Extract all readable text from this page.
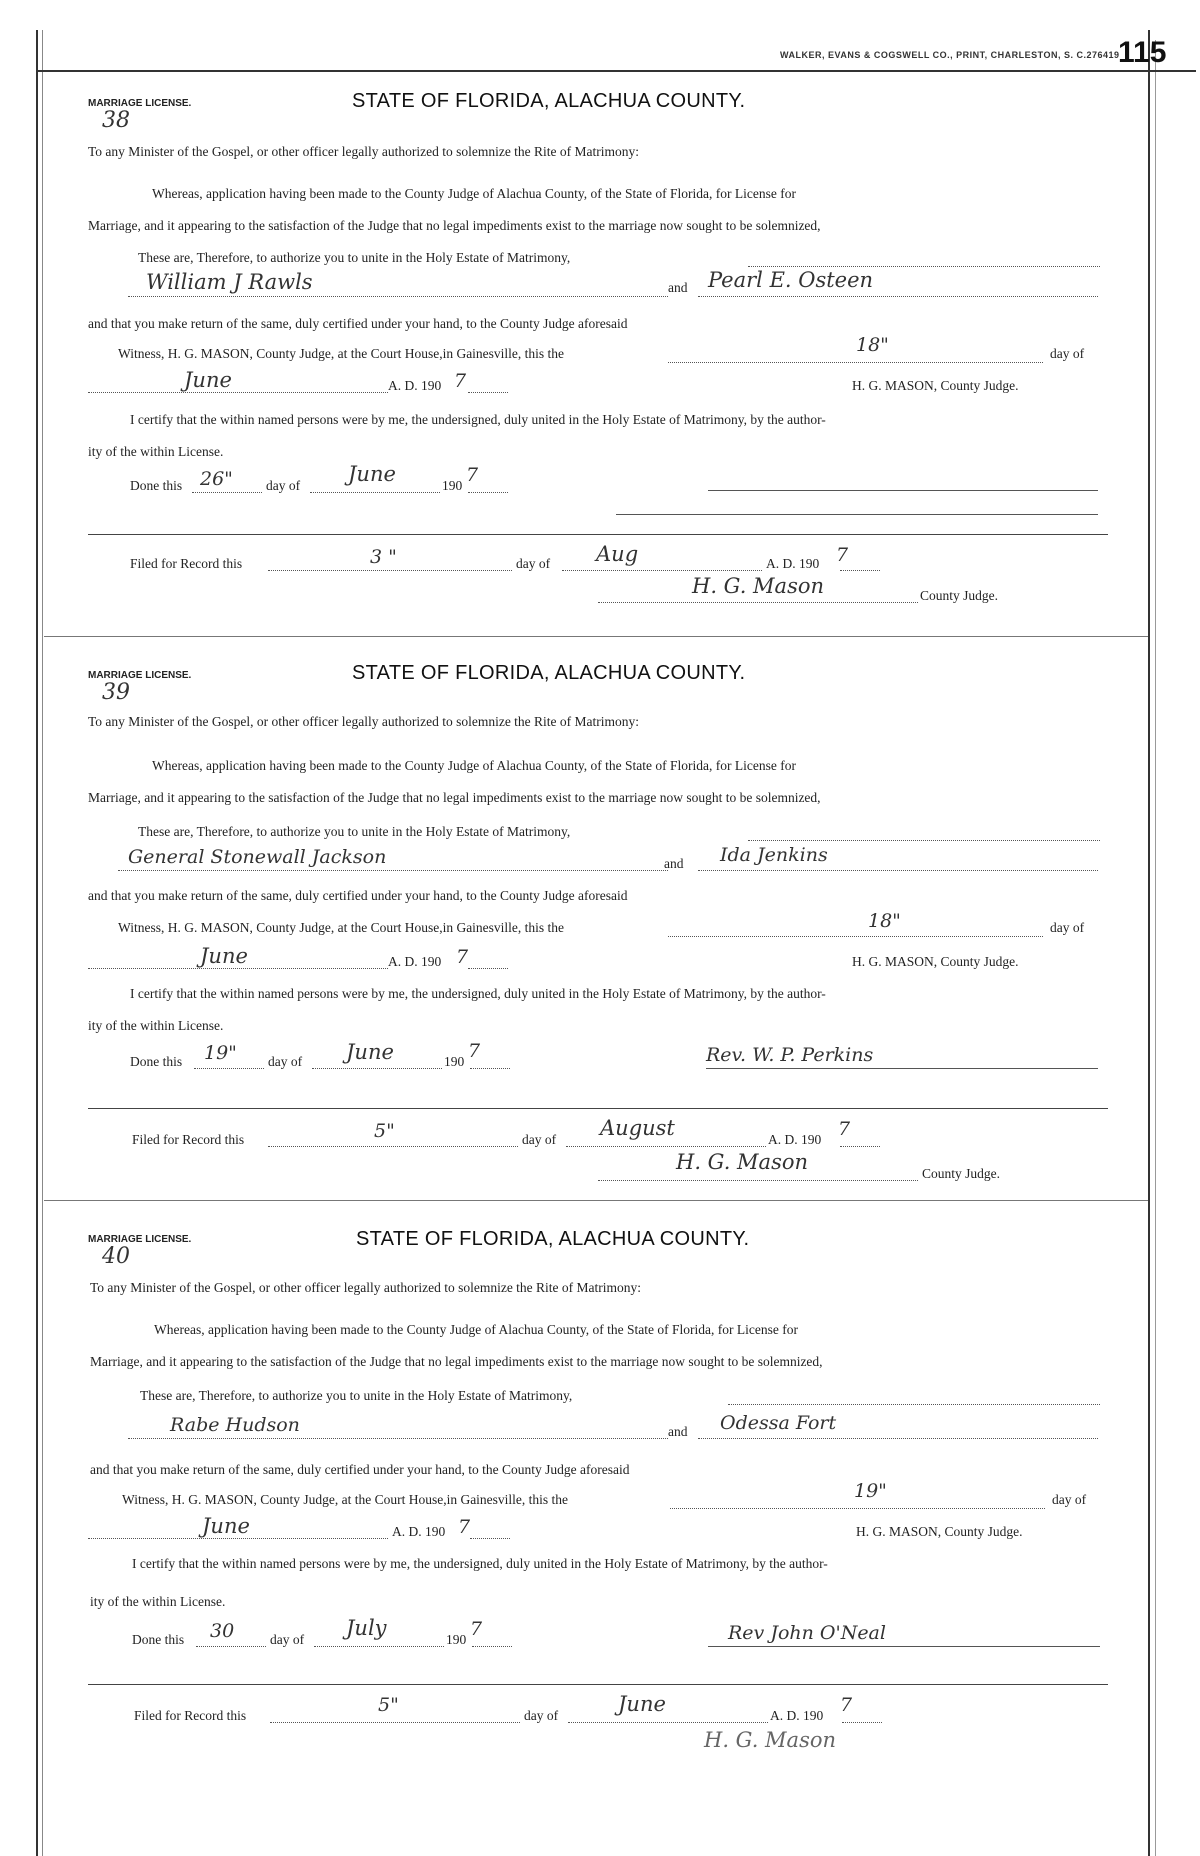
WALKER, EVANS & COGSWELL CO., PRINT, CHARLESTON, S. C.276419
115
MARRIAGE LICENSE.
38
STATE OF FLORIDA, ALACHUA COUNTY.
To any Minister of the Gospel, or other officer legally authorized to solemnize the Rite of Matrimony:
Whereas, application having been made to the County Judge of Alachua County, of the State of Florida, for License for
Marriage, and it appearing to the satisfaction of the Judge that no legal impediments exist to the marriage now sought to be solemnized,
These are, Therefore, to authorize you to unite in the Holy Estate of Matrimony,
William J Rawls	and Pearl E. Osteen
and that you make return of the same, duly certified under your hand, to the County Judge aforesaid
Witness, H. G. MASON, County Judge, at the Court House,in Gainesville, this the	18"	day of
June	A. D. 190 7	H. G. MASON, County Judge.
I certify that the within named persons were by me, the undersigned, duly united in the Holy Estate of Matrimony, by the author-
ity of the within License.
Done this 26" day of June	190 7
Filed for Record this	3 "	day of Aug	A. D. 190 7
H. G. Mason	County Judge.
MARRIAGE LICENSE.
39
STATE OF FLORIDA, ALACHUA COUNTY.
To any Minister of the Gospel, or other officer legally authorized to solemnize the Rite of Matrimony:
Whereas, application having been made to the County Judge of Alachua County, of the State of Florida, for License for
Marriage, and it appearing to the satisfaction of the Judge that no legal impediments exist to the marriage now sought to be solemnized,
These are, Therefore, to authorize you to unite in the Holy Estate of Matrimony,
General Stonewall Jackson	and Ida Jenkins
and that you make return of the same, duly certified under your hand, to the County Judge aforesaid
Witness, H. G. MASON, County Judge, at the Court House,in Gainesville, this the	18"	day of
June	A. D. 190 7	H. G. MASON, County Judge.
I certify that the within named persons were by me, the undersigned, duly united in the Holy Estate of Matrimony, by the author-
ity of the within License.
Done this 19" day of June	190 7	Rev. W. P. Perkins
Filed for Record this	5"	day of August	A. D. 190 7
H. G. Mason	County Judge.
MARRIAGE LICENSE.
40
STATE OF FLORIDA, ALACHUA COUNTY.
To any Minister of the Gospel, or other officer legally authorized to solemnize the Rite of Matrimony:
Whereas, application having been made to the County Judge of Alachua County, of the State of Florida, for License for
Marriage, and it appearing to the satisfaction of the Judge that no legal impediments exist to the marriage now sought to be solemnized,
These are, Therefore, to authorize you to unite in the Holy Estate of Matrimony,
Rabe Hudson	and Odessa Fort
and that you make return of the same, duly certified under your hand, to the County Judge aforesaid
Witness, H. G. MASON, County Judge, at the Court House,in Gainesville, this the	19"	day of
June	A. D. 190 7	H. G. MASON, County Judge.
I certify that the within named persons were by me, the undersigned, duly united in the Holy Estate of Matrimony, by the author-
ity of the within License.
Done this 30	day of July	190 7	Rev John O'Neal
Filed for Record this	5"	day of	June	A. D. 190 7
H. G. Mason
